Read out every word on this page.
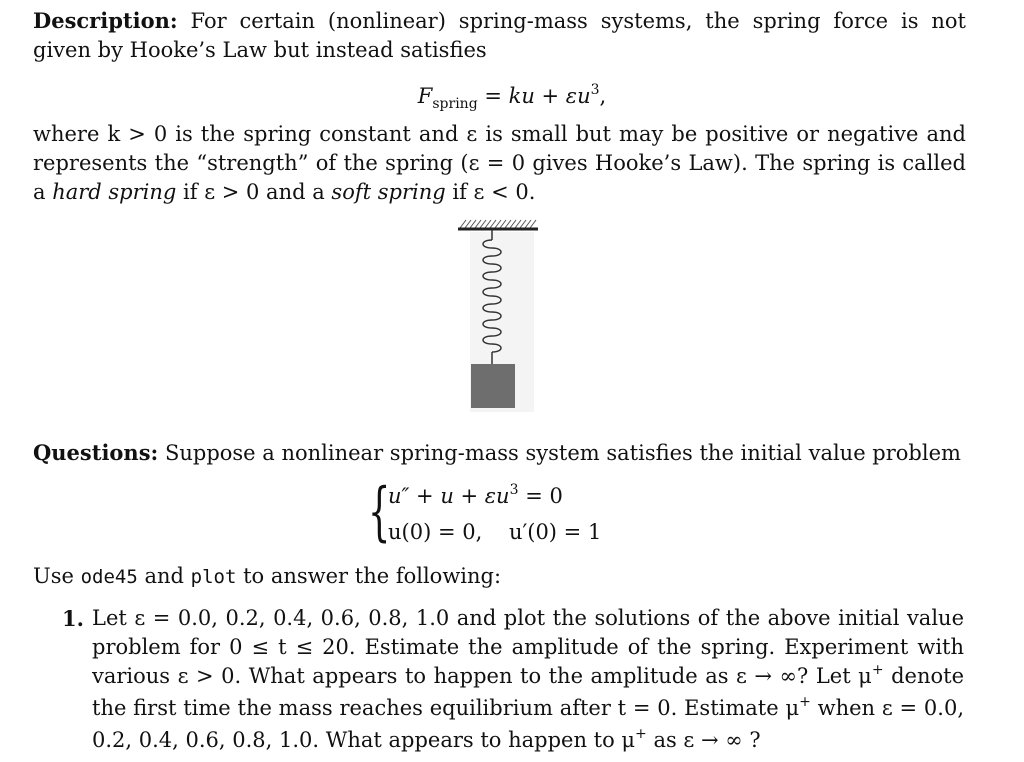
Description: For certain (nonlinear) spring-mass systems, the spring force is not given by Hooke’s Law but instead satisfies
$F_{spring}$ = ku + $\varepsilon u^3$,
where k > 0 is the spring constant and ε is small but may be positive or negative and represents the “strength” of the spring (ε = 0 gives Hooke’s Law). The spring is called a hard spring if ε > 0 and a soft spring if ε < 0.
Questions: Suppose a nonlinear spring-mass system satisfies the initial value problem
{
$u'' + u + \varepsilon u^3 = 0$
u(0) = 0,    u′(0) = 1
Use ode45 and plot to answer the following:
1. Let ε = 0.0, 0.2, 0.4, 0.6, 0.8, 1.0 and plot the solutions of the above initial value problem for 0 ≤ t ≤ 20. Estimate the amplitude of the spring. Experiment with various ε > 0. What appears to happen to the amplitude as ε → ∞? Let μ+ denote the first time the mass reaches equilibrium after t = 0. Estimate μ+ when ε = 0.0, 0.2, 0.4, 0.6, 0.8, 1.0. What appears to happen to μ+ as ε → ∞ ?
